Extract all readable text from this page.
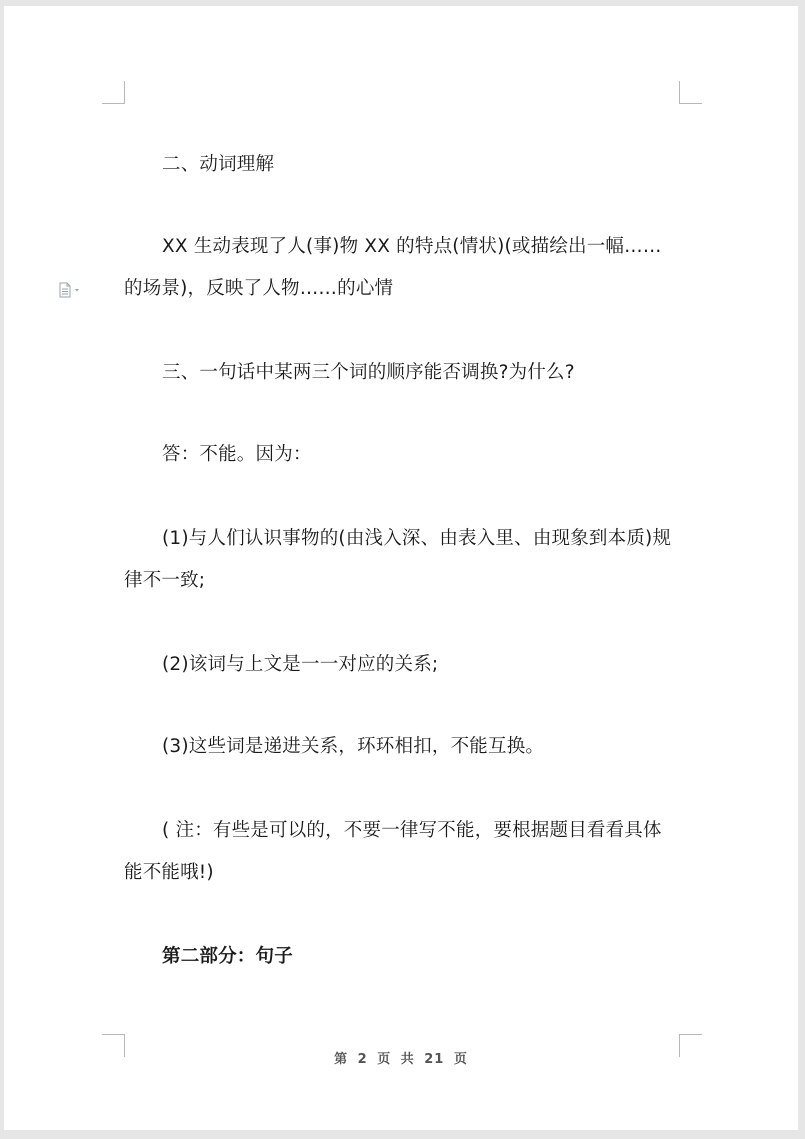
二、动词理解

XX 生动表现了人(事)物 XX 的特点(情状)(或描绘出一幅……的场景)，反映了人物……的心情

三、一句话中某两三个词的顺序能否调换?为什么?

答：不能。因为：

(1)与人们认识事物的(由浅入深、由表入里、由现象到本质)规律不一致;

(2)该词与上文是一一对应的关系;

(3)这些词是递进关系，环环相扣，不能互换。

( 注：有些是可以的，不要一律写不能，要根据题目看看具体能不能哦!)

第二部分：句子

第 2 页 共 21 页
